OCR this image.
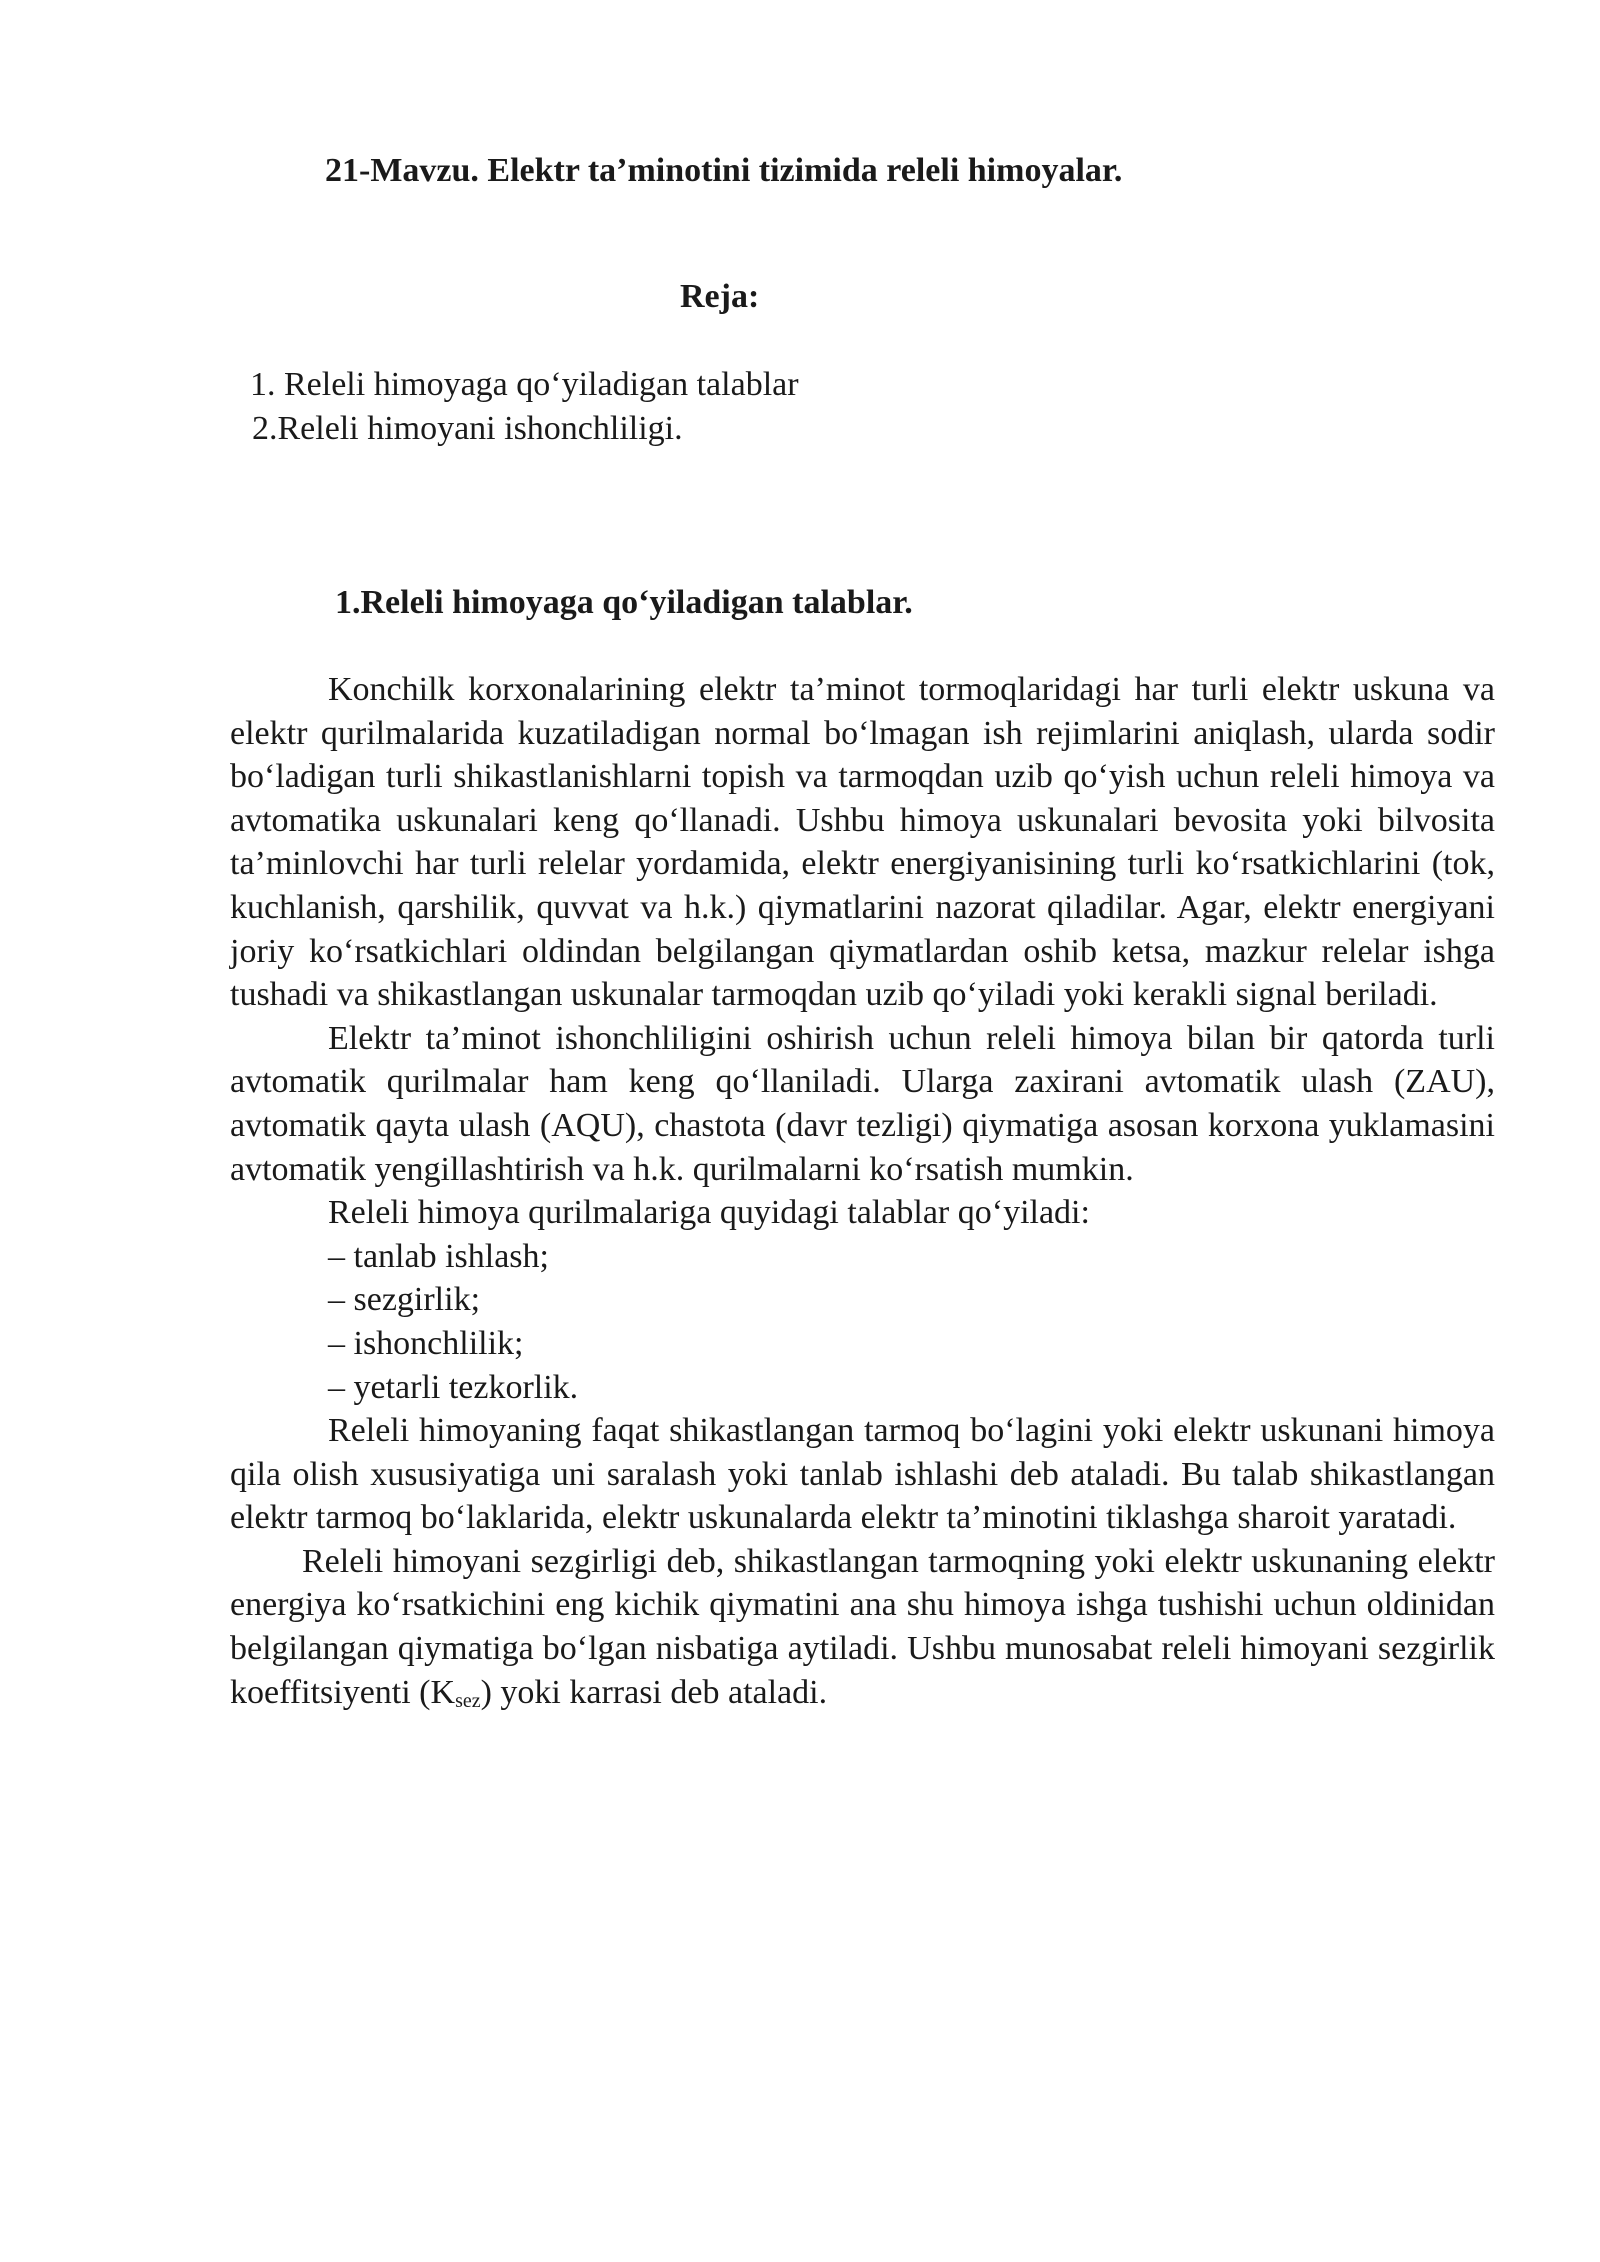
21-Mavzu. Elektr ta’minotini tizimida releli himoyalar.
Reja:
1. Releli himoyaga qo‘yiladigan talablar
2.Releli himoyani ishonchliligi.
1.Releli himoyaga qo‘yiladigan talablar.

Konchilk korxonalarining elektr ta’minot tormoqlaridagi har turli elektr uskuna va elektr qurilmalarida kuzatiladigan normal bo‘lmagan ish rejimlarini aniqlash, ularda sodir bo‘ladigan turli shikastlanishlarni topish va tarmoqdan uzib qo‘yish uchun releli himoya va avtomatika uskunalari keng qo‘llanadi. Ushbu himoya uskunalari bevosita yoki bilvosita ta’minlovchi har turli relelar yordamida, elektr energiyanisining turli ko‘rsatkichlarini (tok, kuchlanish, qarshilik, quvvat va h.k.) qiymatlarini nazorat qiladilar. Agar, elektr energiyani joriy ko‘rsatkichlari oldindan belgilangan qiymatlardan oshib ketsa, mazkur relelar ishga tushadi va shikastlangan uskunalar tarmoqdan uzib qo‘yiladi yoki kerakli signal beriladi.

Elektr ta’minot ishonchliligini oshirish uchun releli himoya bilan bir qatorda turli avtomatik qurilmalar ham keng qo‘llaniladi. Ularga zaxirani avtomatik ulash (ZAU), avtomatik qayta ulash (AQU), chastota (davr tezligi) qiymatiga asosan korxona yuklamasini avtomatik yengillashtirish va h.k. qurilmalarni ko‘rsatish mumkin.

Releli himoya qurilmalariga quyidagi talablar qo‘yiladi:

– tanlab ishlash;
– sezgirlik;
– ishonchlilik;
– yetarli tezkorlik.

Releli himoyaning faqat shikastlangan tarmoq bo‘lagini yoki elektr uskunani himoya qila olish xususiyatiga uni saralash yoki tanlab ishlashi deb ataladi. Bu talab shikastlangan elektr tarmoq bo‘laklarida, elektr uskunalarda elektr ta’minotini tiklashga sharoit yaratadi.

Releli himoyani sezgirligi deb, shikastlangan tarmoqning yoki elektr uskunaning elektr energiya ko‘rsatkichini eng kichik qiymatini ana shu himoya ishga tushishi uchun oldinidan belgilangan qiymatiga bo‘lgan nisbatiga aytiladi. Ushbu munosabat releli himoyani sezgirlik koeffitsiyenti $(K_{sez})$ yoki karrasi deb ataladi.
